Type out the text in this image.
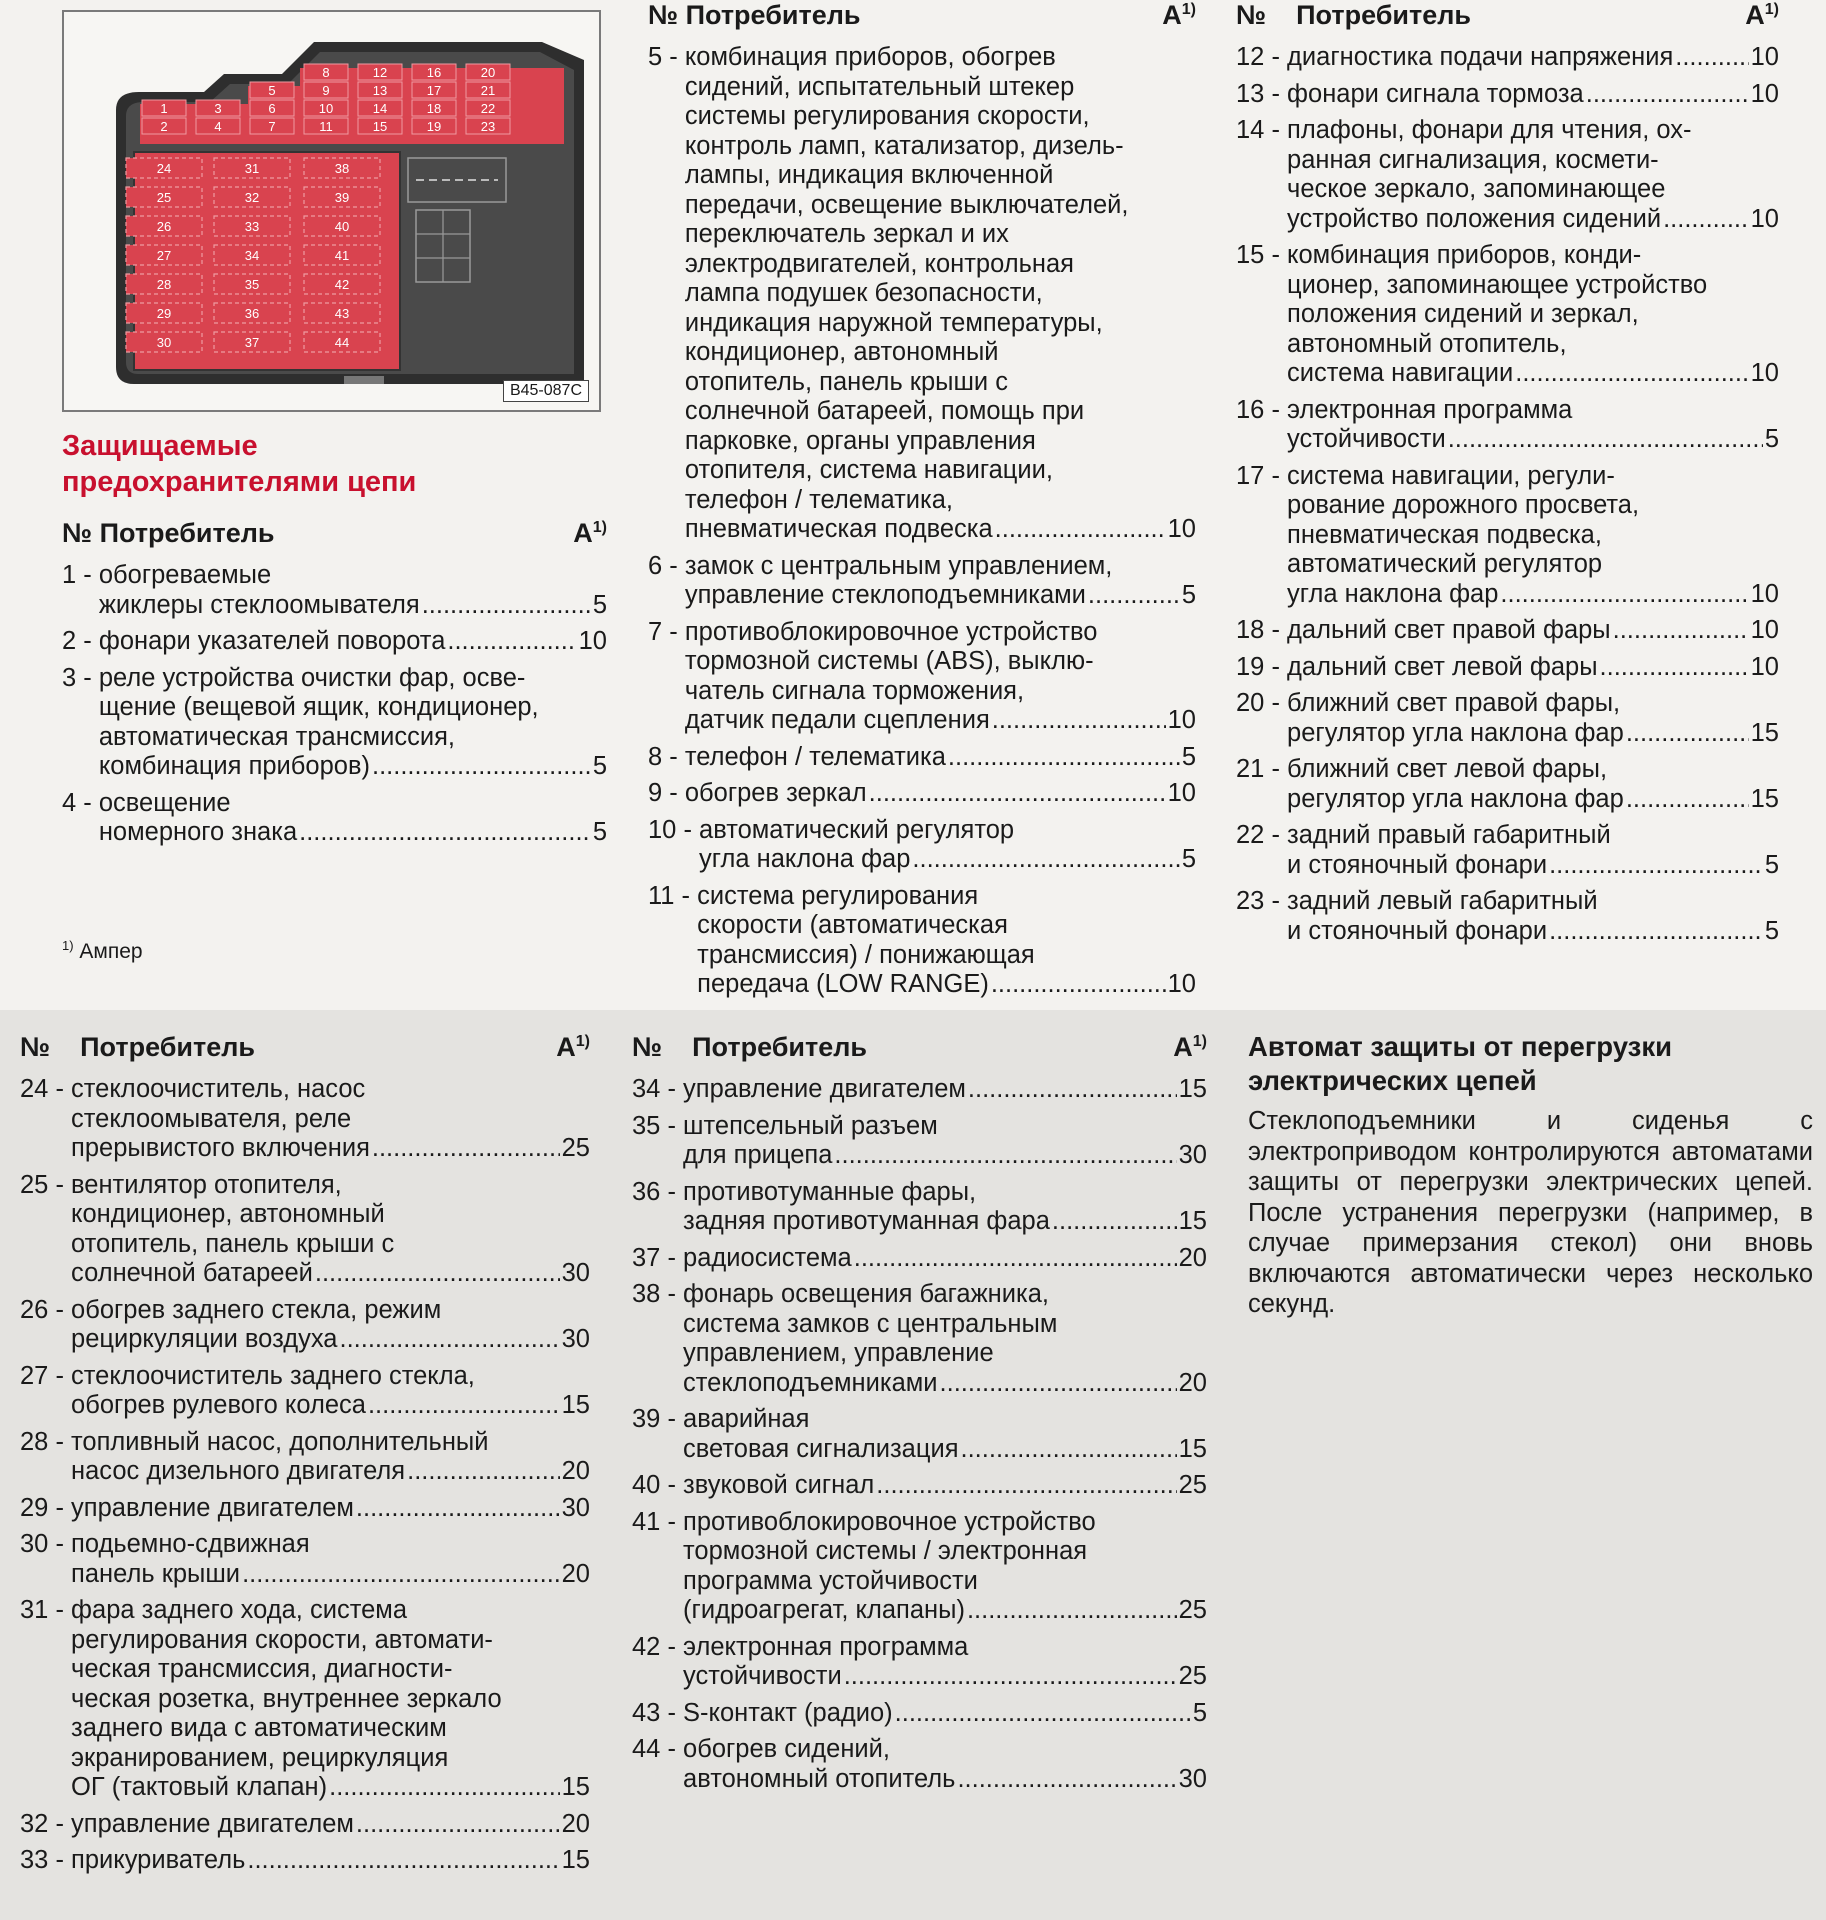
1
2
3
4
5
6
7
8
9
10
11
12
13
14
15
16
17
18
19
20
21
22
23
24
25
26
27
28
29
30
31
32
33
34
35
36
37
38
39
40
41
42
43
44
B45-087C
Защищаемые
предохранителями цепи
№ Потребитель	$A^{1)}$
1 - обогреваемые
жиклеры стеклоомывателя .....	5
2 - фонари указателей поворота .....	10
3 - реле устройства очистки фар, осве-
щение (вещевой ящик, кондиционер,
автоматическая трансмиссия,
комбинация приборов) .....	5
4 - освещение
номерного знака .....	5
$^{1)}$ Ампер
№ Потребитель	$A^{1)}$
5 - комбинация приборов, обогрев
сидений, испытательный штекер
системы регулирования скорости,
контроль ламп, катализатор, дизель-
лампы, индикация включенной
передачи, освещение выключателей,
переключатель зеркал и их
электродвигателей, контрольная
лампа подушек безопасности,
индикация наружной температуры,
кондиционер, автономный
отопитель, панель крыши с
солнечной батареей, помощь при
парковке, органы управления
отопителя, система навигации,
телефон / телематика,
пневматическая подвеска .....	10
6 - замок с центральным управлением,
управление стеклоподъемниками .....	5
7 - противоблокировочное устройство
тормозной системы (ABS), выклю-
чатель сигнала торможения,
датчик педали сцепления .....	10
8 - телефон / телематика .....	5
9 - обогрев зеркал .....	10
10 - автоматический регулятор
угла наклона фар .....	5
11 - система регулирования
скорости (автоматическая
трансмиссия) / понижающая
передача (LOW RANGE) .....	10
№ Потребитель	$A^{1)}$
12 - диагностика подачи напряжения .....	10
13 - фонари сигнала тормоза .....	10
14 - плафоны, фонари для чтения, ох-
ранная сигнализация, космети-
ческое зеркало, запоминающее
устройство положения сидений .....	10
15 - комбинация приборов, конди-
ционер, запоминающее устройство
положения сидений и зеркал,
автономный отопитель,
система навигации .....	10
16 - электронная программа
устойчивости .....	5
17 - система навигации, регули-
рование дорожного просвета,
пневматическая подвеска,
автоматический регулятор
угла наклона фар .....	10
18 - дальний свет правой фары .....	10
19 - дальний свет левой фары .....	10
20 - ближний свет правой фары,
регулятор угла наклона фар .....	15
21 - ближний свет левой фары,
регулятор угла наклона фар .....	15
22 - задний правый габаритный
и стояночный фонари .....	5
23 - задний левый габаритный
и стояночный фонари .....	5
№ Потребитель	$A^{1)}$
24 - стеклоочиститель, насос
стеклоомывателя, реле
прерывистого включения .....	25
25 - вентилятор отопителя,
кондиционер, автономный
отопитель, панель крыши с
солнечной батареей .....	30
26 - обогрев заднего стекла, режим
рециркуляции воздуха .....	30
27 - стеклоочиститель заднего стекла,
обогрев рулевого колеса .....	15
28 - топливный насос, дополнительный
насос дизельного двигателя .....	20
29 - управление двигателем .....	30
30 - подьемно-сдвижная
панель крыши .....	20
31 - фара заднего хода, система
регулирования скорости, автомати-
ческая трансмиссия, диагности-
ческая розетка, внутреннее зеркало
заднего вида с автоматическим
экранированием, рециркуляция
ОГ (тактовый клапан) .....	15
32 - управление двигателем .....	20
33 - прикуриватель .....	15
№ Потребитель	$A^{1)}$
34 - управление двигателем .....	15
35 - штепсельный разъем
для прицепа .....	30
36 - противотуманные фары,
задняя противотуманная фара .....	15
37 - радиосистема .....	20
38 - фонарь освещения багажника,
система замков с центральным
управлением, управление
стеклоподъемниками .....	20
39 - аварийная
световая сигнализация .....	15
40 - звуковой сигнал .....	25
41 - противоблокировочное устройство
тормозной системы / электронная
программа устойчивости
(гидроагрегат, клапаны) .....	25
42 - электронная программа
устойчивости .....	25
43 - S-контакт (радио) .....	5
44 - обогрев сидений,
автономный отопитель .....	30
Автомат защиты от перегрузки
электрических цепей
Стеклоподъемники и сиденья с электроприводом контролируются автоматами защиты от перегрузки электрических цепей. После устранения перегрузки (например, в случае примерзания стекол) они вновь включаются автоматически через несколько секунд.
